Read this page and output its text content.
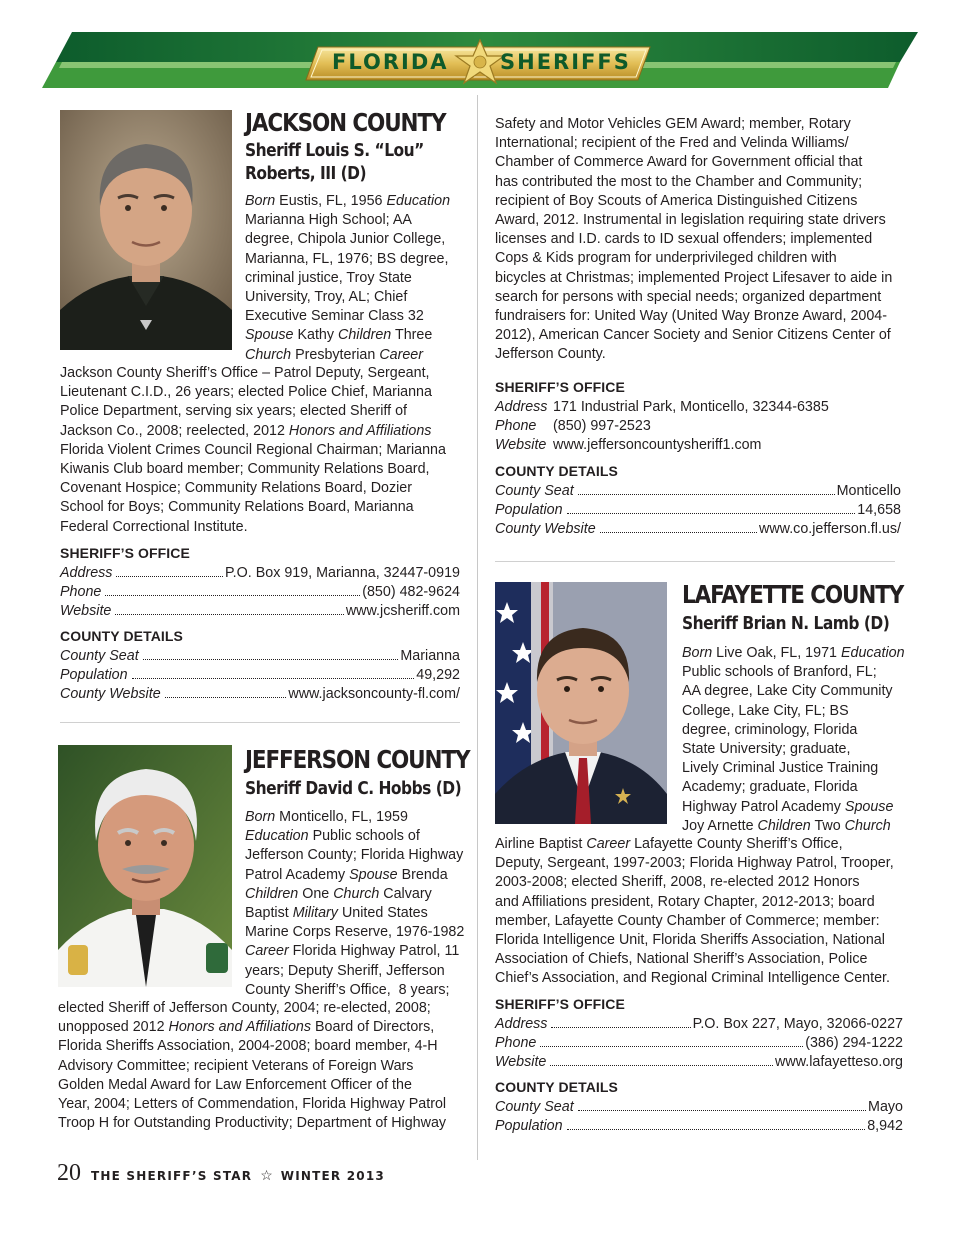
FLORIDA SHERIFFS
JACKSON COUNTY
Sheriff Louis S. “Lou”
Roberts, III (D)

Born Eustis, FL, 1956 Education

Marianna High School; AA

degree, Chipola Junior College,

Marianna, FL, 1976; BS degree,

criminal justice, Troy State

University, Troy, AL; Chief

Executive Seminar Class 32

Spouse Kathy Children Three

Church Presbyterian Career

Jackson County Sheriff’s Office – Patrol Deputy, Sergeant,

Lieutenant C.I.D., 26 years; elected Police Chief, Marianna

Police Department, serving six years; elected Sheriff of

Jackson Co., 2008; reelected, 2012 Honors and Affiliations

Florida Violent Crimes Council Regional Chairman; Marianna

Kiwanis Club board member; Community Relations Board,

Covenant Hospice; Community Relations Board, Dozier

School for Boys; Community Relations Board, Marianna

Federal Correctional Institute.

SHERIFF’S OFFICE
Address	P.O. Box 919, Marianna, 32447-0919
Phone	(850) 482-9624
Website	www.jcsheriff.com
COUNTY DETAILS
County Seat	Marianna
Population	49,292
County Website	www.jacksoncounty-fl.com/
JEFFERSON COUNTY
Sheriff David C. Hobbs (D)

Born Monticello, FL, 1959

Education Public schools of

Jefferson County; Florida Highway

Patrol Academy Spouse Brenda

Children One Church Calvary

Baptist Military United States

Marine Corps Reserve, 1976-1982

Career Florida Highway Patrol, 11

years; Deputy Sheriff, Jefferson

County Sheriff’s Office,  8 years;

elected Sheriff of Jefferson County, 2004; re-elected, 2008;

unopposed 2012 Honors and Affiliations Board of Directors,

Florida Sheriffs Association, 2004-2008; board member, 4-H

Advisory Committee; recipient Veterans of Foreign Wars

Golden Medal Award for Law Enforcement Officer of the

Year, 2004; Letters of Commendation, Florida Highway Patrol

Troop H for Outstanding Productivity; Department of Highway

Safety and Motor Vehicles GEM Award; member, Rotary

International; recipient of the Fred and Velinda Williams/

Chamber of Commerce Award for Government official that

has contributed the most to the Chamber and Community;

recipient of Boy Scouts of America Distinguished Citizens

Award, 2012. Instrumental in legislation requiring state drivers

licenses and I.D. cards to ID sexual offenders; implemented

Cops & Kids program for underprivileged children with

bicycles at Christmas; implemented Project Lifesaver to aide in

search for persons with special needs; organized department

fundraisers for: United Way (United Way Bronze Award, 2004-

2012), American Cancer Society and Senior Citizens Center of

Jefferson County.

SHERIFF’S OFFICE
Address 171 Industrial Park, Monticello, 32344-6385
Phone	(850) 997-2523
Website www.jeffersoncountysheriff1.com
COUNTY DETAILS
County Seat	Monticello
Population	14,658
County Website	www.co.jefferson.fl.us/
LAFAYETTE COUNTY
Sheriff Brian N. Lamb (D)

Born Live Oak, FL, 1971 Education

Public schools of Branford, FL;

AA degree, Lake City Community

College, Lake City, FL; BS

degree, criminology, Florida

State University; graduate,

Lively Criminal Justice Training

Academy; graduate, Florida

Highway Patrol Academy Spouse

Joy Arnette Children Two Church

Airline Baptist Career Lafayette County Sheriff’s Office,

Deputy, Sergeant, 1997-2003; Florida Highway Patrol, Trooper,

2003-2008; elected Sheriff, 2008, re-elected 2012 Honors

and Affiliations president, Rotary Chapter, 2012-2013; board

member, Lafayette County Chamber of Commerce; member:

Florida Intelligence Unit, Florida Sheriffs Association, National

Association of Chiefs, National Sheriff’s Association, Police

Chief’s Association, and Regional Criminal Intelligence Center.

SHERIFF’S OFFICE
Address	P.O. Box 227, Mayo, 32066-0227
Phone	(386) 294-1222
Website	www.lafayetteso.org
COUNTY DETAILS
County Seat	Mayo
Population	8,942
20 THE SHERIFF’S STAR ☆ WINTER 2013
